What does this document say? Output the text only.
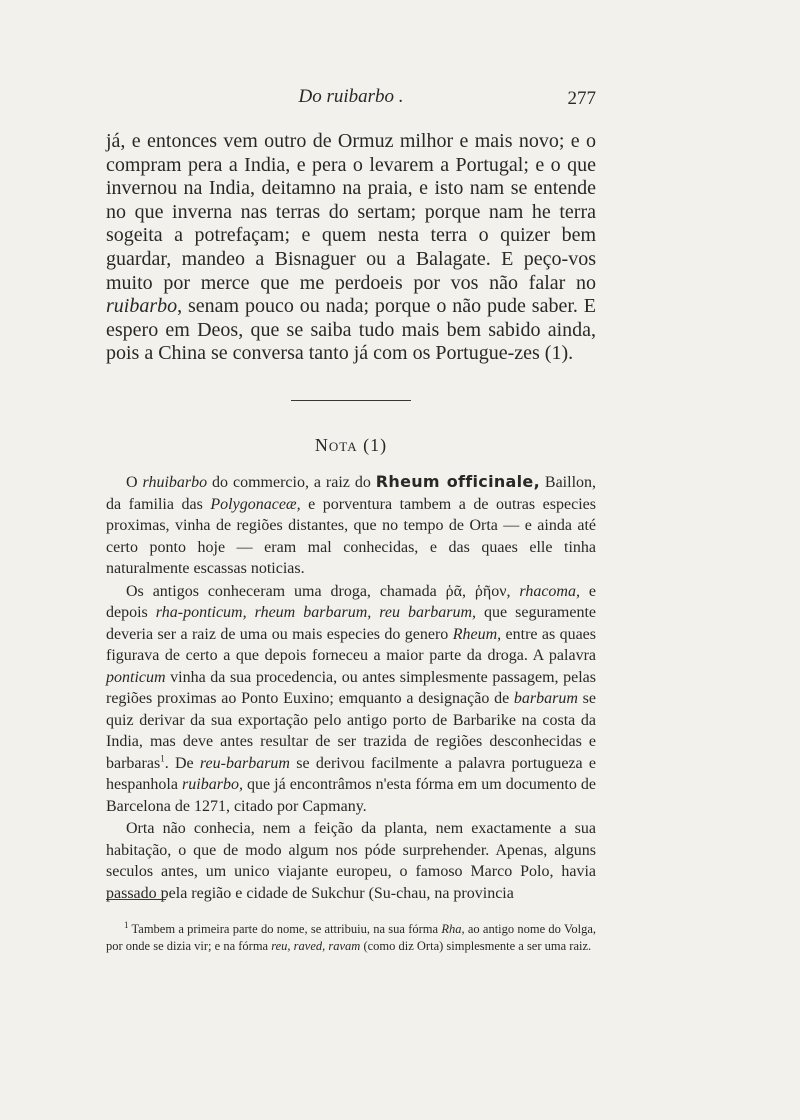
Do ruibarbo .	277

já, e entonces vem outro de Ormuz milhor e mais novo; e o compram pera a India, e pera o levarem a Portugal; e o que invernou na India, deitamno na praia, e isto nam se entende no que inverna nas terras do sertam; porque nam he terra sogeita a potrefaçam; e quem nesta terra o quizer bem guardar, mandeo a Bisnaguer ou a Balagate. E peço-vos muito por merce que me perdoeis por vos não falar no ruibarbo, senam pouco ou nada; porque o não pude saber. E espero em Deos, que se saiba tudo mais bem sabido ainda, pois a China se conversa tanto já com os Portugue-zes (1).

Nota (1)

O rhuibarbo do commercio, a raiz do Rheum officinale, Baillon, da familia das Polygonaceæ, e porventura tambem a de outras especies proximas, vinha de regiões distantes, que no tempo de Orta — e ainda até certo ponto hoje — eram mal conhecidas, e das quaes elle tinha naturalmente escassas noticias.

Os antigos conheceram uma droga, chamada ῥᾶ, ῥῆον, rhacoma, e depois rha-ponticum, rheum barbarum, reu barbarum, que seguramente deveria ser a raiz de uma ou mais especies do genero Rheum, entre as quaes figurava de certo a que depois forneceu a maior parte da droga. A palavra ponticum vinha da sua procedencia, ou antes simplesmente passagem, pelas regiões proximas ao Ponto Euxino; emquanto a designação de barbarum se quiz derivar da sua exportação pelo antigo porto de Barbarike na costa da India, mas deve antes resultar de ser trazida de regiões desconhecidas e barbaras$^1$. De reu-barbarum se derivou facilmente a palavra portugueza e hespanhola ruibarbo, que já encontrâmos n'esta fórma em um documento de Barcelona de 1271, citado por Capmany.

Orta não conhecia, nem a feição da planta, nem exactamente a sua habitação, o que de modo algum nos póde surprehender. Apenas, alguns seculos antes, um unico viajante europeu, o famoso Marco Polo, havia passado pela região e cidade de Sukchur (Su-chau, na provincia

$^1$ Tambem a primeira parte do nome, se attribuiu, na sua fórma Rha, ao antigo nome do Volga, por onde se dizia vir; e na fórma reu, raved, ravam (como diz Orta) simplesmente a ser uma raiz.
